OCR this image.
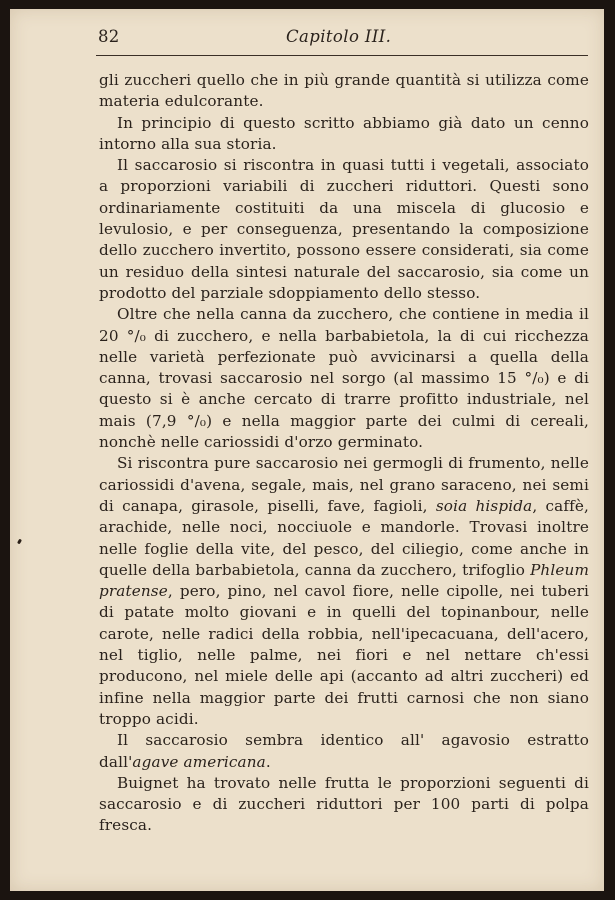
82	Capitolo III.

gli zuccheri quello che in più grande quantità si utilizza come materia edulcorante.

In principio di questo scritto abbiamo già dato un cenno intorno alla sua storia.

Il saccarosio si riscontra in quasi tutti i vegetali, associato a proporzioni variabili di zuccheri riduttori. Questi sono ordinariamente costituiti da una miscela di glucosio e levulosio, e per conseguenza, presentando la composizione dello zucchero invertito, possono essere considerati, sia come un residuo della sintesi naturale del saccarosio, sia come un prodotto del parziale sdoppiamento dello stesso.

Oltre che nella canna da zucchero, che contiene in media il 20 °/₀ di zucchero, e nella barbabietola, la di cui ricchezza nelle varietà perfezionate può avvicinarsi a quella della canna, trovasi saccarosio nel sorgo (al massimo 15 °/₀) e di questo si è anche cercato di trarre profitto industriale, nel mais (7,9 °/₀) e nella maggior parte dei culmi di cereali, nonchè nelle cariossidi d'orzo germinato.

Si riscontra pure saccarosio nei germogli di frumento, nelle cariossidi d'avena, segale, mais, nel grano saraceno, nei semi di canapa, girasole, piselli, fave, fagioli, soia hispida, caffè, arachide, nelle noci, nocciuole e mandorle. Trovasi inoltre nelle foglie della vite, del pesco, del ciliegio, come anche in quelle della barbabietola, canna da zucchero, trifoglio Phleum pratense, pero, pino, nel cavol fiore, nelle cipolle, nei tuberi di patate molto giovani e in quelli del topinanbour, nelle carote, nelle radici della robbia, nell'ipecacuana, dell'acero, nel tiglio, nelle palme, nei fiori e nel nettare ch'essi producono, nel miele delle api (accanto ad altri zuccheri) ed infine nella maggior parte dei frutti carnosi che non siano troppo acidi.

Il saccarosio sembra identico all' agavosio estratto dall'agave americana.

Buignet ha trovato nelle frutta le proporzioni seguenti di saccarosio e di zuccheri riduttori per 100 parti di polpa fresca.
